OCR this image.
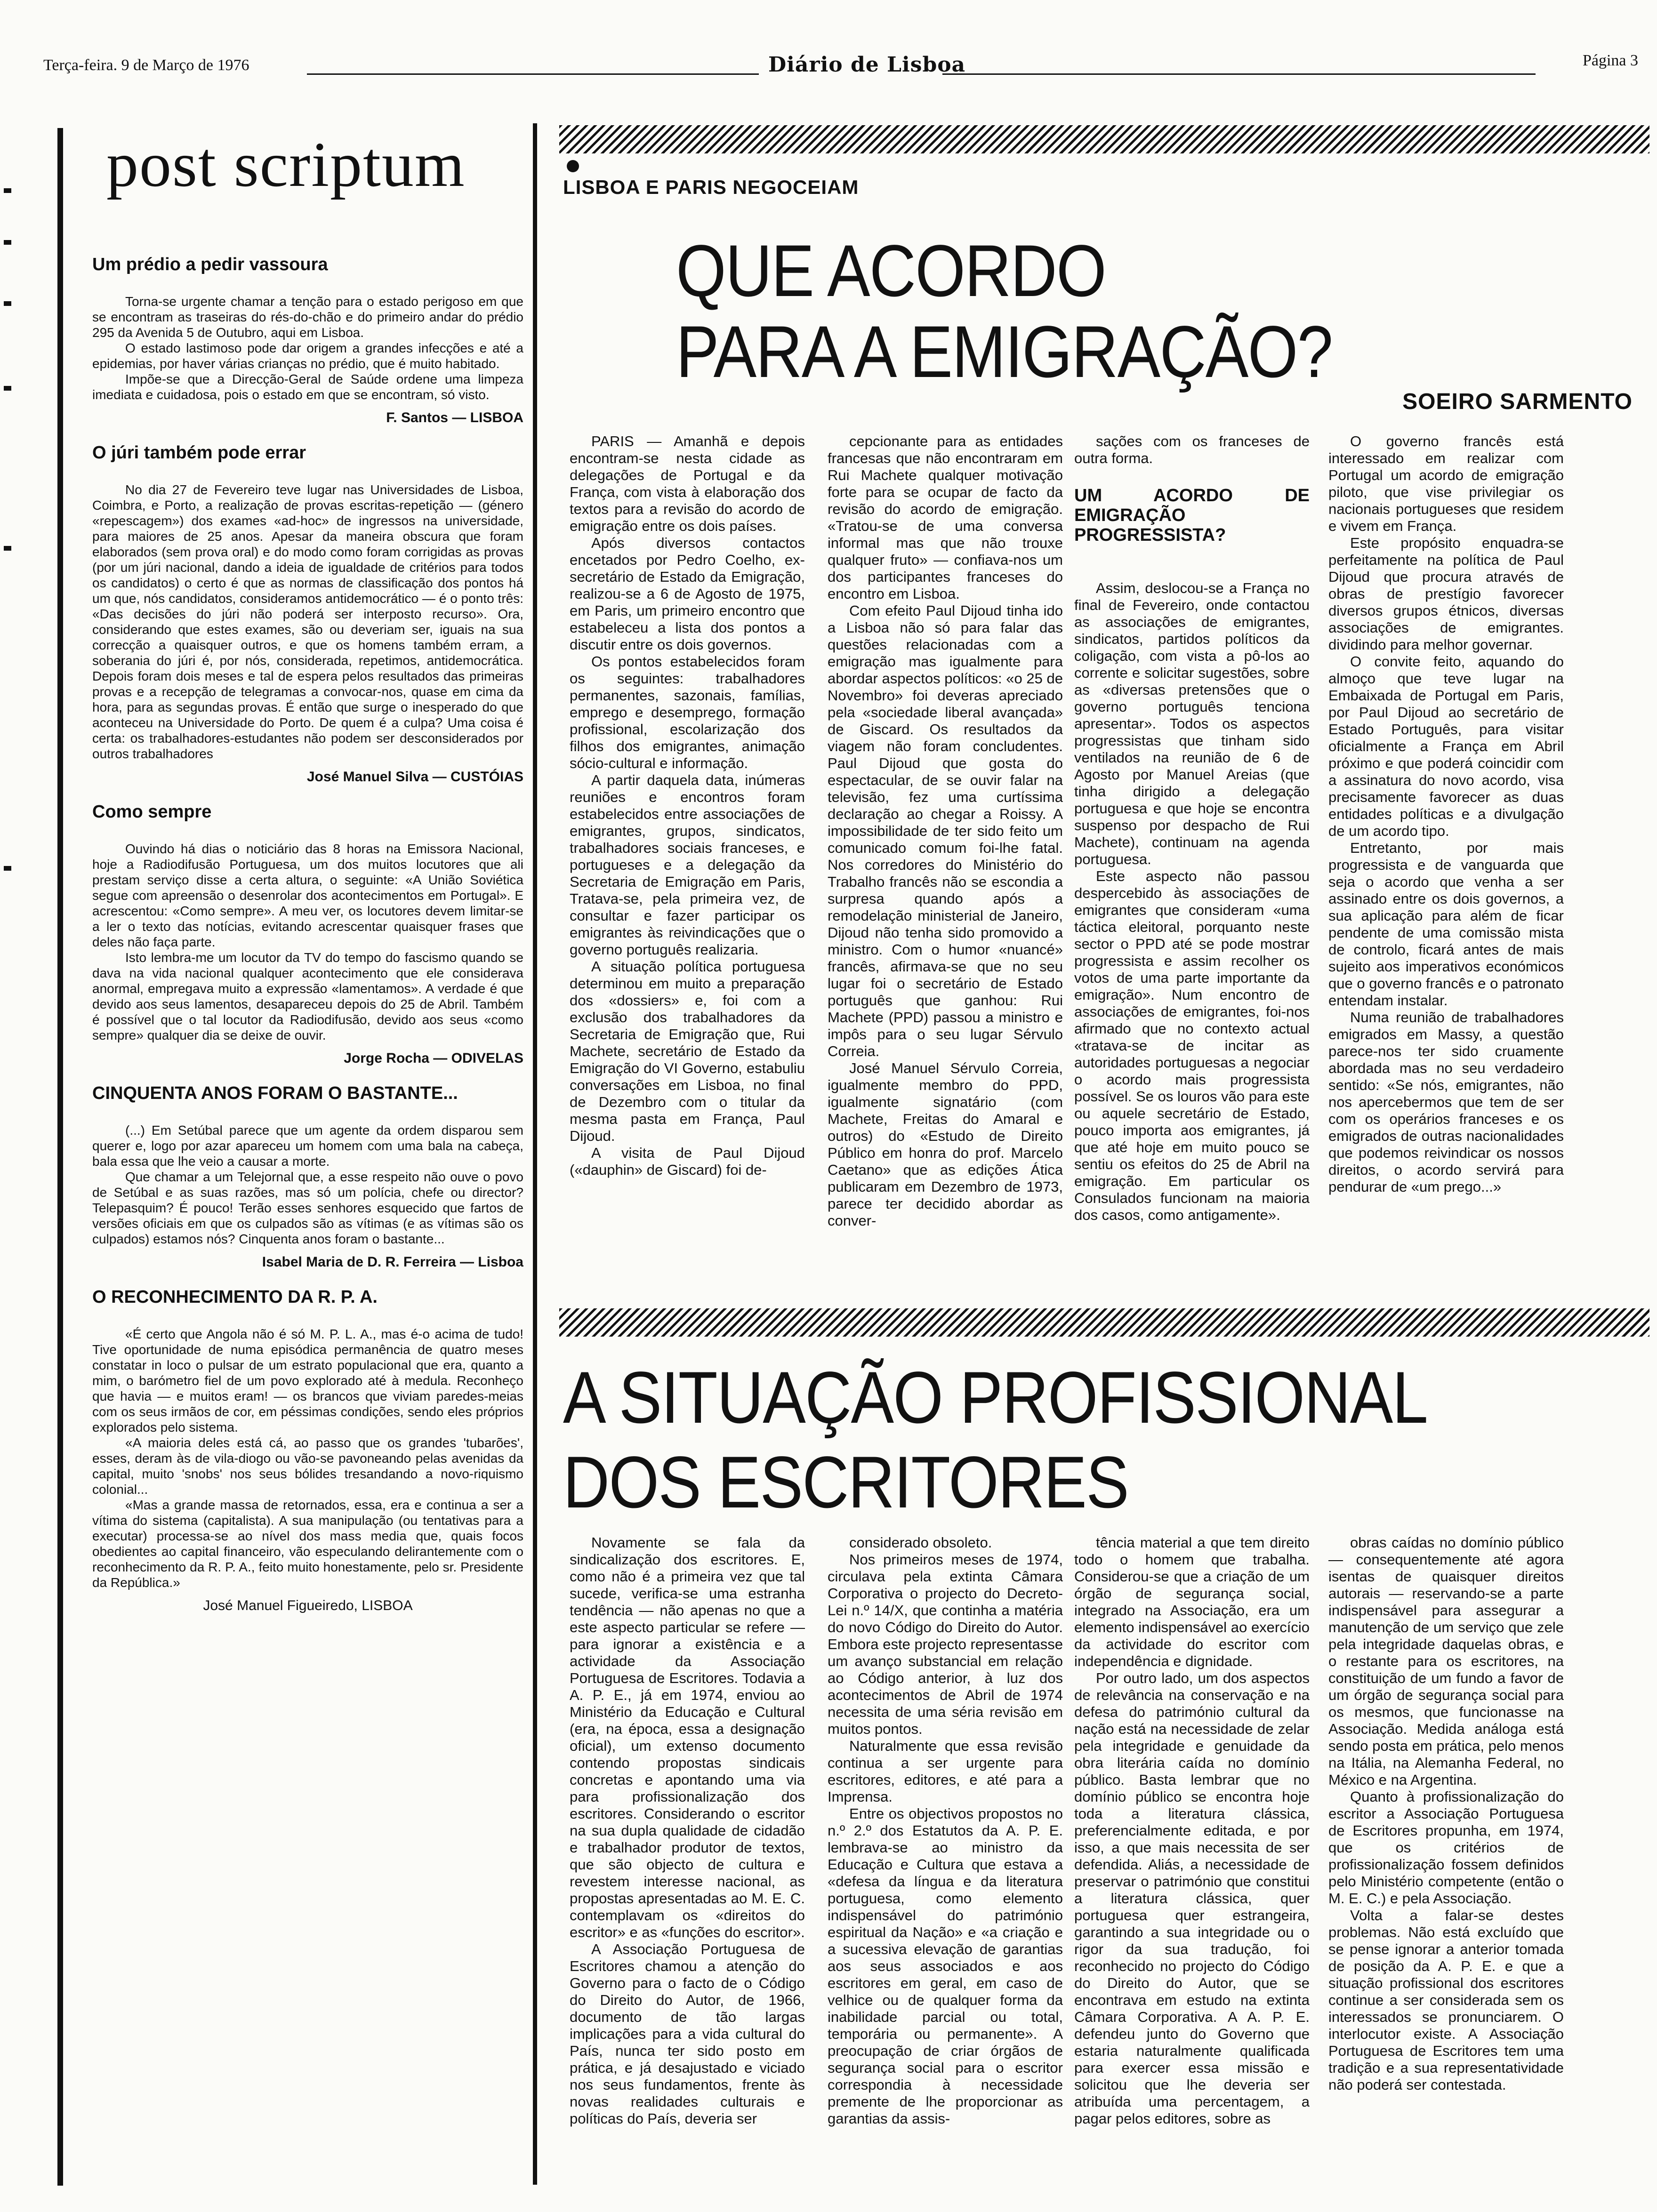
Terça-feira. 9 de Março de 1976	Diário de Lisboa	Página 3
post scriptum
Um prédio a pedir vassoura

Torna-se urgente chamar a tenção para o estado perigoso em que se encontram as traseiras do rés-do-chão e do primeiro andar do prédio 295 da Avenida 5 de Outubro, aqui em Lisboa.

O estado lastimoso pode dar origem a grandes infecções e até a epidemias, por haver várias crianças no prédio, que é muito habitado.

Impõe-se que a Direcção-Geral de Saúde ordene uma limpeza imediata e cuidadosa, pois o estado em que se encontram, só visto.

F. Santos — LISBOA
O júri também pode errar

No dia 27 de Fevereiro teve lugar nas Universidades de Lisboa, Coimbra, e Porto, a realização de provas escritas-repetição — (género «repescagem») dos exames «ad-hoc» de ingressos na universidade, para maiores de 25 anos. Apesar da maneira obscura que foram elaborados (sem prova oral) e do modo como foram corrigidas as provas (por um júri nacional, dando a ideia de igualdade de critérios para todos os candidatos) o certo é que as normas de classificação dos pontos há um que, nós candidatos, consideramos antidemocrático — é o ponto três: «Das decisões do júri não poderá ser interposto recurso». Ora, considerando que estes exames, são ou deveriam ser, iguais na sua correcção a quaisquer outros, e que os homens também erram, a soberania do júri é, por nós, considerada, repetimos, antidemocrática. Depois foram dois meses e tal de espera pelos resultados das primeiras provas e a recepção de telegramas a convocar-nos, quase em cima da hora, para as segundas provas. É então que surge o inesperado do que aconteceu na Universidade do Porto. De quem é a culpa? Uma coisa é certa: os trabalhadores-estudantes não podem ser desconsiderados por outros trabalhadores

José Manuel Silva — CUSTÓIAS
Como sempre

Ouvindo há dias o noticiário das 8 horas na Emissora Nacional, hoje a Radiodifusão Portuguesa, um dos muitos locutores que ali prestam serviço disse a certa altura, o seguinte: «A União Soviética segue com apreensão o desenrolar dos acontecimentos em Portugal». E acrescentou: «Como sempre». A meu ver, os locutores devem limitar-se a ler o texto das notícias, evitando acrescentar quaisquer frases que deles não faça parte.

Isto lembra-me um locutor da TV do tempo do fascismo quando se dava na vida nacional qualquer acontecimento que ele considerava anormal, empregava muito a expressão «lamentamos». A verdade é que devido aos seus lamentos, desapareceu depois do 25 de Abril. Também é possível que o tal locutor da Radiodifusão, devido aos seus «como sempre» qualquer dia se deixe de ouvir.

Jorge Rocha — ODIVELAS
CINQUENTA ANOS FORAM O BASTANTE...

(...) Em Setúbal parece que um agente da ordem disparou sem querer e, logo por azar apareceu um homem com uma bala na cabeça, bala essa que lhe veio a causar a morte.

Que chamar a um Telejornal que, a esse respeito não ouve o povo de Setúbal e as suas razões, mas só um polícia, chefe ou director? Telepasquim? É pouco! Terão esses senhores esquecido que fartos de versões oficiais em que os culpados são as vítimas (e as vítimas são os culpados) estamos nós? Cinquenta anos foram o bastante...

Isabel Maria de D. R. Ferreira — Lisboa
O RECONHECIMENTO DA R. P. A.

«É certo que Angola não é só M. P. L. A., mas é-o acima de tudo! Tive oportunidade de numa episódica permanência de quatro meses constatar in loco o pulsar de um estrato populacional que era, quanto a mim, o barómetro fiel de um povo explorado até à medula. Reconheço que havia — e muitos eram! — os brancos que viviam paredes-meias com os seus irmãos de cor, em péssimas condições, sendo eles próprios explorados pelo sistema.

«A maioria deles está cá, ao passo que os grandes 'tubarões', esses, deram às de vila-diogo ou vão-se pavoneando pelas avenidas da capital, muito 'snobs' nos seus bólides tresandando a novo-riquismo colonial...

«Mas a grande massa de retornados, essa, era e continua a ser a vítima do sistema (capitalista). A sua manipulação (ou tentativas para a executar) processa-se ao nível dos mass media que, quais focos obedientes ao capital financeiro, vão especulando delirantemente com o reconhecimento da R. P. A., feito muito honestamente, pelo sr. Presidente da República.»

José Manuel Figueiredo, LISBOA
LISBOA E PARIS NEGOCEIAM
QUE ACORDO
PARA A EMIGRAÇÃO?
SOEIRO SARMENTO

PARIS — Amanhã e depois encontram-se nesta cidade as delegações de Portugal e da França, com vista à elaboração dos textos para a revisão do acordo de emigração entre os dois países.

Após diversos contactos encetados por Pedro Coelho, ex-secretário de Estado da Emigração, realizou-se a 6 de Agosto de 1975, em Paris, um primeiro encontro que estabeleceu a lista dos pontos a discutir entre os dois governos.

Os pontos estabelecidos foram os seguintes: trabalhadores permanentes, sazonais, famílias, emprego e desemprego, formação profissional, escolarização dos filhos dos emigrantes, animação sócio-cultural e informação.

A partir daquela data, inúmeras reuniões e encontros foram estabelecidos entre associações de emigrantes, grupos, sindicatos, trabalhadores sociais franceses, e portugueses e a delegação da Secretaria de Emigração em Paris, Tratava-se, pela primeira vez, de consultar e fazer participar os emigrantes às reivindicações que o governo português realizaria.

A situação política portuguesa determinou em muito a preparação dos «dossiers» e, foi com a exclusão dos trabalhadores da Secretaria de Emigração que, Rui Machete, secretário de Estado da Emigração do VI Governo, estabuliu conversações em Lisboa, no final de Dezembro com o titular da mesma pasta em França, Paul Dijoud.

A visita de Paul Dijoud («dauphin» de Giscard) foi de-

cepcionante para as entidades francesas que não encontraram em Rui Machete qualquer motivação forte para se ocupar de facto da revisão do acordo de emigração. «Tratou-se de uma conversa informal mas que não trouxe qualquer fruto» — confiava-nos um dos participantes franceses do encontro em Lisboa.

Com efeito Paul Dijoud tinha ido a Lisboa não só para falar das questões relacionadas com a emigração mas igualmente para abordar aspectos políticos: «o 25 de Novembro» foi deveras apreciado pela «sociedade liberal avançada» de Giscard. Os resultados da viagem não foram concludentes. Paul Dijoud que gosta do espectacular, de se ouvir falar na televisão, fez uma curtíssima declaração ao chegar a Roissy. A impossibilidade de ter sido feito um comunicado comum foi-lhe fatal. Nos corredores do Ministério do Trabalho francês não se escondia a surpresa quando após a remodelação ministerial de Janeiro, Dijoud não tenha sido promovido a ministro. Com o humor «nuancé» francês, afirmava-se que no seu lugar foi o secretário de Estado português que ganhou: Rui Machete (PPD) passou a ministro e impôs para o seu lugar Sérvulo Correia.

José Manuel Sérvulo Correia, igualmente membro do PPD, igualmente signatário (com Machete, Freitas do Amaral e outros) do «Estudo de Direito Público em honra do prof. Marcelo Caetano» que as edições Ática publicaram em Dezembro de 1973, parece ter decidido abordar as conver-

sações com os franceses de outra forma.

UM ACORDO DE EMIGRAÇÃO PROGRESSISTA?

Assim, deslocou-se a França no final de Fevereiro, onde contactou as associações de emigrantes, sindicatos, partidos políticos da coligação, com vista a pô-los ao corrente e solicitar sugestões, sobre as «diversas pretensões que o governo português tenciona apresentar». Todos os aspectos progressistas que tinham sido ventilados na reunião de 6 de Agosto por Manuel Areias (que tinha dirigido a delegação portuguesa e que hoje se encontra suspenso por despacho de Rui Machete), continuam na agenda portuguesa.

Este aspecto não passou despercebido às associações de emigrantes que consideram «uma táctica eleitoral, porquanto neste sector o PPD até se pode mostrar progressista e assim recolher os votos de uma parte importante da emigração». Num encontro de associações de emigrantes, foi-nos afirmado que no contexto actual «tratava-se de incitar as autoridades portuguesas a negociar o acordo mais progressista possível. Se os louros vão para este ou aquele secretário de Estado, pouco importa aos emigrantes, já que até hoje em muito pouco se sentiu os efeitos do 25 de Abril na emigração. Em particular os Consulados funcionam na maioria dos casos, como antigamente».

O governo francês está interessado em realizar com Portugal um acordo de emigração piloto, que vise privilegiar os nacionais portugueses que residem e vivem em França.

Este propósito enquadra-se perfeitamente na política de Paul Dijoud que procura através de obras de prestígio favorecer diversos grupos étnicos, diversas associações de emigrantes. dividindo para melhor governar.

O convite feito, aquando do almoço que teve lugar na Embaixada de Portugal em Paris, por Paul Dijoud ao secretário de Estado Português, para visitar oficialmente a França em Abril próximo e que poderá coincidir com a assinatura do novo acordo, visa precisamente favorecer as duas entidades políticas e a divulgação de um acordo tipo.

Entretanto, por mais progressista e de vanguarda que seja o acordo que venha a ser assinado entre os dois governos, a sua aplicação para além de ficar pendente de uma comissão mista de controlo, ficará antes de mais sujeito aos imperativos económicos que o governo francês e o patronato entendam instalar.

Numa reunião de trabalhadores emigrados em Massy, a questão parece-nos ter sido cruamente abordada mas no seu verdadeiro sentido: «Se nós, emigrantes, não nos apercebermos que tem de ser com os operários franceses e os emigrados de outras nacionalidades que podemos reivindicar os nossos direitos, o acordo servirá para pendurar de «um prego...»

A SITUAÇÃO PROFISSIONAL
DOS ESCRITORES

Novamente se fala da sindicalização dos escritores. E, como não é a primeira vez que tal sucede, verifica-se uma estranha tendência — não apenas no que a este aspecto particular se refere — para ignorar a existência e a actividade da Associação Portuguesa de Escritores. Todavia a A. P. E., já em 1974, enviou ao Ministério da Educação e Cultural (era, na época, essa a designação oficial), um extenso documento contendo propostas sindicais concretas e apontando uma via para profissionalização dos escritores. Considerando o escritor na sua dupla qualidade de cidadão e trabalhador produtor de textos, que são objecto de cultura e revestem interesse nacional, as propostas apresentadas ao M. E. C. contemplavam os «direitos do escritor» e as «funções do escritor».

A Associação Portuguesa de Escritores chamou a atenção do Governo para o facto de o Código do Direito do Autor, de 1966, documento de tão largas implicações para a vida cultural do País, nunca ter sido posto em prática, e já desajustado e viciado nos seus fundamentos, frente às novas realidades culturais e políticas do País, deveria ser

considerado obsoleto.

Nos primeiros meses de 1974, circulava pela extinta Câmara Corporativa o projecto do Decreto-Lei n.º 14/X, que continha a matéria do novo Código do Direito do Autor. Embora este projecto representasse um avanço substancial em relação ao Código anterior, à luz dos acontecimentos de Abril de 1974 necessita de uma séria revisão em muitos pontos.

Naturalmente que essa revisão continua a ser urgente para escritores, editores, e até para a Imprensa.

Entre os objectivos propostos no n.º 2.º dos Estatutos da A. P. E. lembrava-se ao ministro da Educação e Cultura que estava a «defesa da língua e da literatura portuguesa, como elemento indispensável do património espiritual da Nação» e «a criação e a sucessiva elevação de garantias aos seus associados e aos escritores em geral, em caso de velhice ou de qualquer forma da inabilidade parcial ou total, temporária ou permanente». A preocupação de criar órgãos de segurança social para o escritor correspondia à necessidade premente de lhe proporcionar as garantias da assis-

tência material a que tem direito todo o homem que trabalha. Considerou-se que a criação de um órgão de segurança social, integrado na Associação, era um elemento indispensável ao exercício da actividade do escritor com independência e dignidade.

Por outro lado, um dos aspectos de relevância na conservação e na defesa do património cultural da nação está na necessidade de zelar pela integridade e genuidade da obra literária caída no domínio público. Basta lembrar que no domínio público se encontra hoje toda a literatura clássica, preferencialmente editada, e por isso, a que mais necessita de ser defendida. Aliás, a necessidade de preservar o património que constitui a literatura clássica, quer portuguesa quer estrangeira, garantindo a sua integridade ou o rigor da sua tradução, foi reconhecido no projecto do Código do Direito do Autor, que se encontrava em estudo na extinta Câmara Corporativa. A A. P. E. defendeu junto do Governo que estaria naturalmente qualificada para exercer essa missão e solicitou que lhe deveria ser atribuída uma percentagem, a pagar pelos editores, sobre as

obras caídas no domínio público — consequentemente até agora isentas de quaisquer direitos autorais — reservando-se a parte indispensável para assegurar a manutenção de um serviço que zele pela integridade daquelas obras, e o restante para os escritores, na constituição de um fundo a favor de um órgão de segurança social para os mesmos, que funcionasse na Associação. Medida análoga está sendo posta em prática, pelo menos na Itália, na Alemanha Federal, no México e na Argentina.

Quanto à profissionalização do escritor a Associação Portuguesa de Escritores propunha, em 1974, que os critérios de profissionalização fossem definidos pelo Ministério competente (então o M. E. C.) e pela Associação.

Volta a falar-se destes problemas. Não está excluído que se pense ignorar a anterior tomada de posição da A. P. E. e que a situação profissional dos escritores continue a ser considerada sem os interessados se pronunciarem. O interlocutor existe. A Associação Portuguesa de Escritores tem uma tradição e a sua representatividade não poderá ser contestada.
